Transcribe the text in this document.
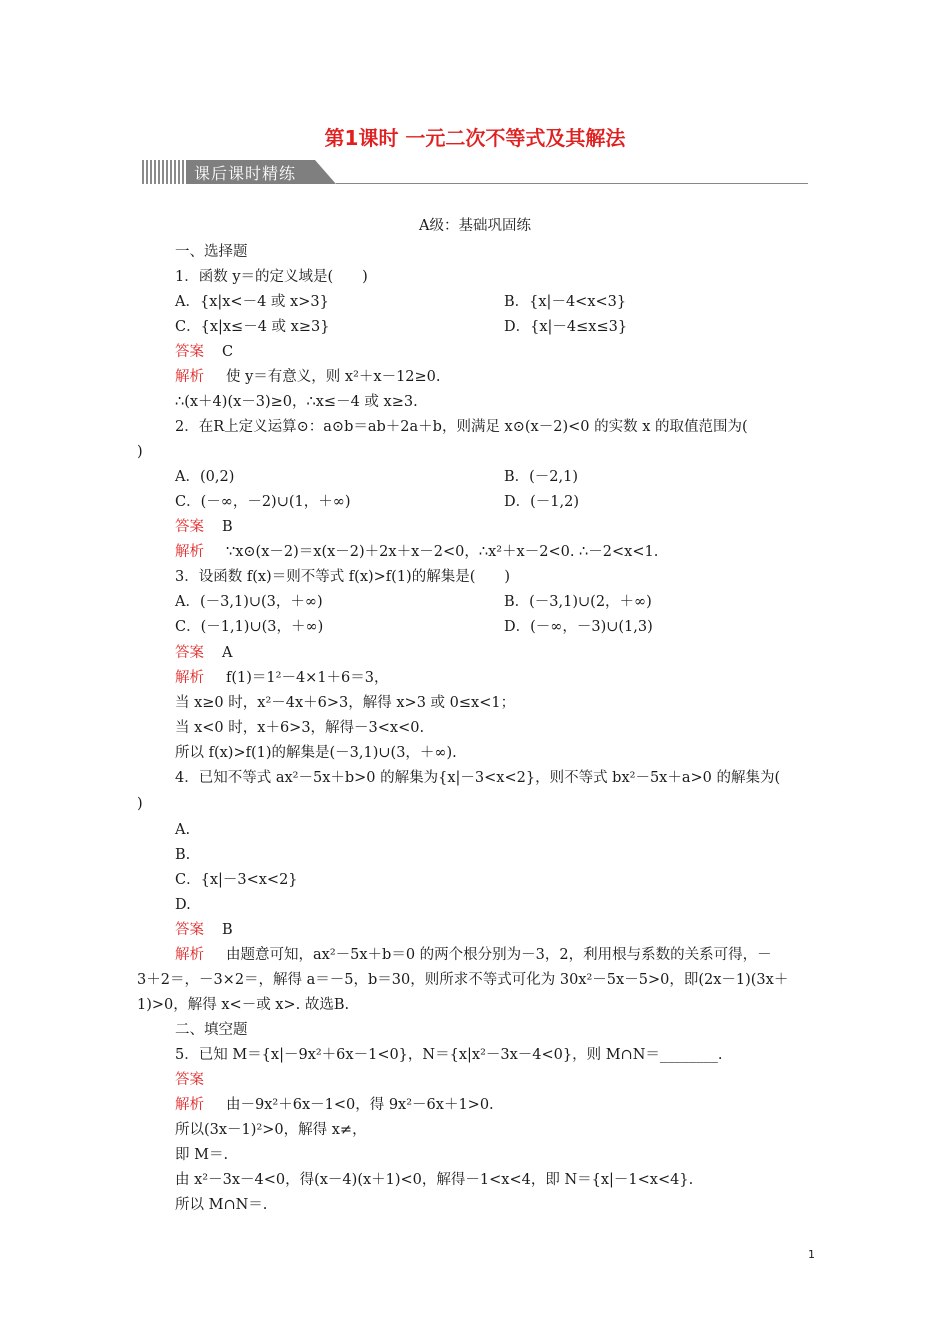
第1课时 一元二次不等式及其解法
课后课时精练
A级：基础巩固练
一、选择题
1．函数 y＝的定义域是(　　)
A．{x|x<－4 或 x>3}	B．{x|－4<x<3}
C．{x|x≤－4 或 x≥3}	D．{x|－4≤x≤3}
答案 C
解析 使 y＝有意义，则 x²＋x－12≥0.
∴(x＋4)(x－3)≥0，∴x≤－4 或 x≥3.
2．在R上定义运算⊙：a⊙b＝ab＋2a＋b，则满足 x⊙(x－2)<0 的实数 x 的取值范围为(
)
A．(0,2)	B．(－2,1)
C．(－∞，－2)∪(1，＋∞)	D．(－1,2)
答案 B
解析 ∵x⊙(x－2)＝x(x－2)＋2x＋x－2<0，∴x²＋x－2<0. ∴－2<x<1.
3．设函数 f(x)＝则不等式 f(x)>f(1)的解集是(　　)
A．(－3,1)∪(3，＋∞)	B．(－3,1)∪(2，＋∞)
C．(－1,1)∪(3，＋∞)	D．(－∞，－3)∪(1,3)
答案 A
解析 f(1)＝1²－4×1＋6＝3，
当 x≥0 时，x²－4x＋6>3，解得 x>3 或 0≤x<1；
当 x<0 时，x＋6>3，解得－3<x<0.
所以 f(x)>f(1)的解集是(－3,1)∪(3，＋∞).
4．已知不等式 ax²－5x＋b>0 的解集为{x|－3<x<2}，则不等式 bx²－5x＋a>0 的解集为(
)
A.
B.
C．{x|－3<x<2}
D.
答案 B
解析 由题意可知，ax²－5x＋b＝0 的两个根分别为－3，2，利用根与系数的关系可得，－
3＋2＝，－3×2＝，解得 a＝－5，b＝30，则所求不等式可化为 30x²－5x－5>0，即(2x－1)(3x＋
1)>0，解得 x<－或 x>. 故选B.
二、填空题
5．已知 M＝{x|－9x²＋6x－1<0}，N＝{x|x²－3x－4<0}，则 M∩N＝________.
答案
解析 由－9x²＋6x－1<0，得 9x²－6x＋1>0.
所以(3x－1)²>0，解得 x≠，
即 M＝.
由 x²－3x－4<0，得(x－4)(x＋1)<0，解得－1<x<4，即 N＝{x|－1<x<4}.
所以 M∩N＝.
1
